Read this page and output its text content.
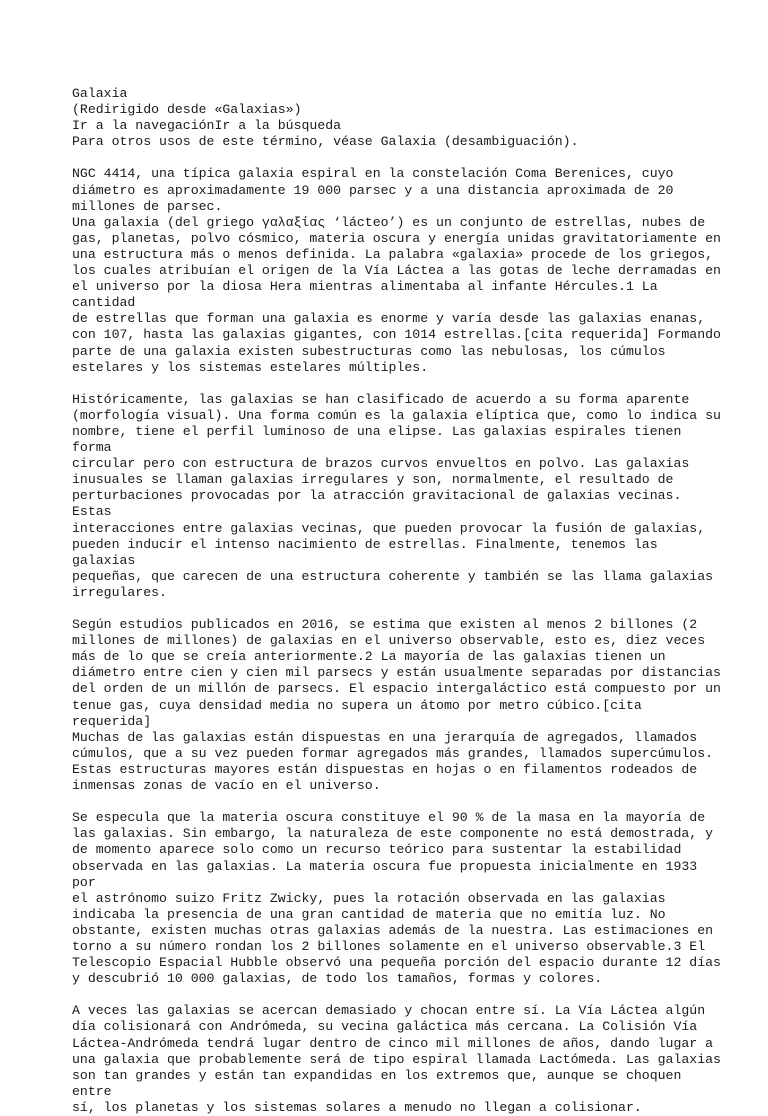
Galaxia
(Redirigido desde «Galaxias»)
Ir a la navegaciónIr a la búsqueda
Para otros usos de este término, véase Galaxia (desambiguación).

NGC 4414, una típica galaxia espiral en la constelación Coma Berenices, cuyo
diámetro es aproximadamente 19 000 parsec y a una distancia aproximada de 20
millones de parsec.
Una galaxia (del griego γαλαξίας ‘lácteo’) es un conjunto de estrellas, nubes de
gas, planetas, polvo cósmico, materia oscura y energía unidas gravitatoriamente en
una estructura más o menos definida. La palabra «galaxia» procede de los griegos,
los cuales atribuían el origen de la Vía Láctea a las gotas de leche derramadas en
el universo por la diosa Hera mientras alimentaba al infante Hércules.1 La cantidad
de estrellas que forman una galaxia es enorme y varía desde las galaxias enanas,
con 107, hasta las galaxias gigantes, con 1014 estrellas.[cita requerida] Formando
parte de una galaxia existen subestructuras como las nebulosas, los cúmulos
estelares y los sistemas estelares múltiples.

Históricamente, las galaxias se han clasificado de acuerdo a su forma aparente
(morfología visual). Una forma común es la galaxia elíptica que, como lo indica su
nombre, tiene el perfil luminoso de una elipse. Las galaxias espirales tienen forma
circular pero con estructura de brazos curvos envueltos en polvo. Las galaxias
inusuales se llaman galaxias irregulares y son, normalmente, el resultado de
perturbaciones provocadas por la atracción gravitacional de galaxias vecinas. Estas
interacciones entre galaxias vecinas, que pueden provocar la fusión de galaxias,
pueden inducir el intenso nacimiento de estrellas. Finalmente, tenemos las galaxias
pequeñas, que carecen de una estructura coherente y también se las llama galaxias
irregulares.

Según estudios publicados en 2016, se estima que existen al menos 2 billones (2
millones de millones) de galaxias en el universo observable, esto es, diez veces
más de lo que se creía anteriormente.2 La mayoría de las galaxias tienen un
diámetro entre cien y cien mil parsecs y están usualmente separadas por distancias
del orden de un millón de parsecs. El espacio intergaláctico está compuesto por un
tenue gas, cuya densidad media no supera un átomo por metro cúbico.[cita requerida]
Muchas de las galaxias están dispuestas en una jerarquía de agregados, llamados
cúmulos, que a su vez pueden formar agregados más grandes, llamados supercúmulos.
Estas estructuras mayores están dispuestas en hojas o en filamentos rodeados de
inmensas zonas de vacío en el universo.

Se especula que la materia oscura constituye el 90 % de la masa en la mayoría de
las galaxias. Sin embargo, la naturaleza de este componente no está demostrada, y
de momento aparece solo como un recurso teórico para sustentar la estabilidad
observada en las galaxias. La materia oscura fue propuesta inicialmente en 1933 por
el astrónomo suizo Fritz Zwicky, pues la rotación observada en las galaxias
indicaba la presencia de una gran cantidad de materia que no emitía luz. No
obstante, existen muchas otras galaxias además de la nuestra. Las estimaciones en
torno a su número rondan los 2 billones solamente en el universo observable.3 El
Telescopio Espacial Hubble observó una pequeña porción del espacio durante 12 días
y descubrió 10 000 galaxias, de todo los tamaños, formas y colores.

A veces las galaxias se acercan demasiado y chocan entre sí. La Vía Láctea algún
día colisionará con Andrómeda, su vecina galáctica más cercana. La Colisión Vía
Láctea-Andrómeda tendrá lugar dentro de cinco mil millones de años, dando lugar a
una galaxia que probablemente será de tipo espiral llamada Lactómeda. Las galaxias
son tan grandes y están tan expandidas en los extremos que, aunque se choquen entre
sí, los planetas y los sistemas solares a menudo no llegan a colisionar.
